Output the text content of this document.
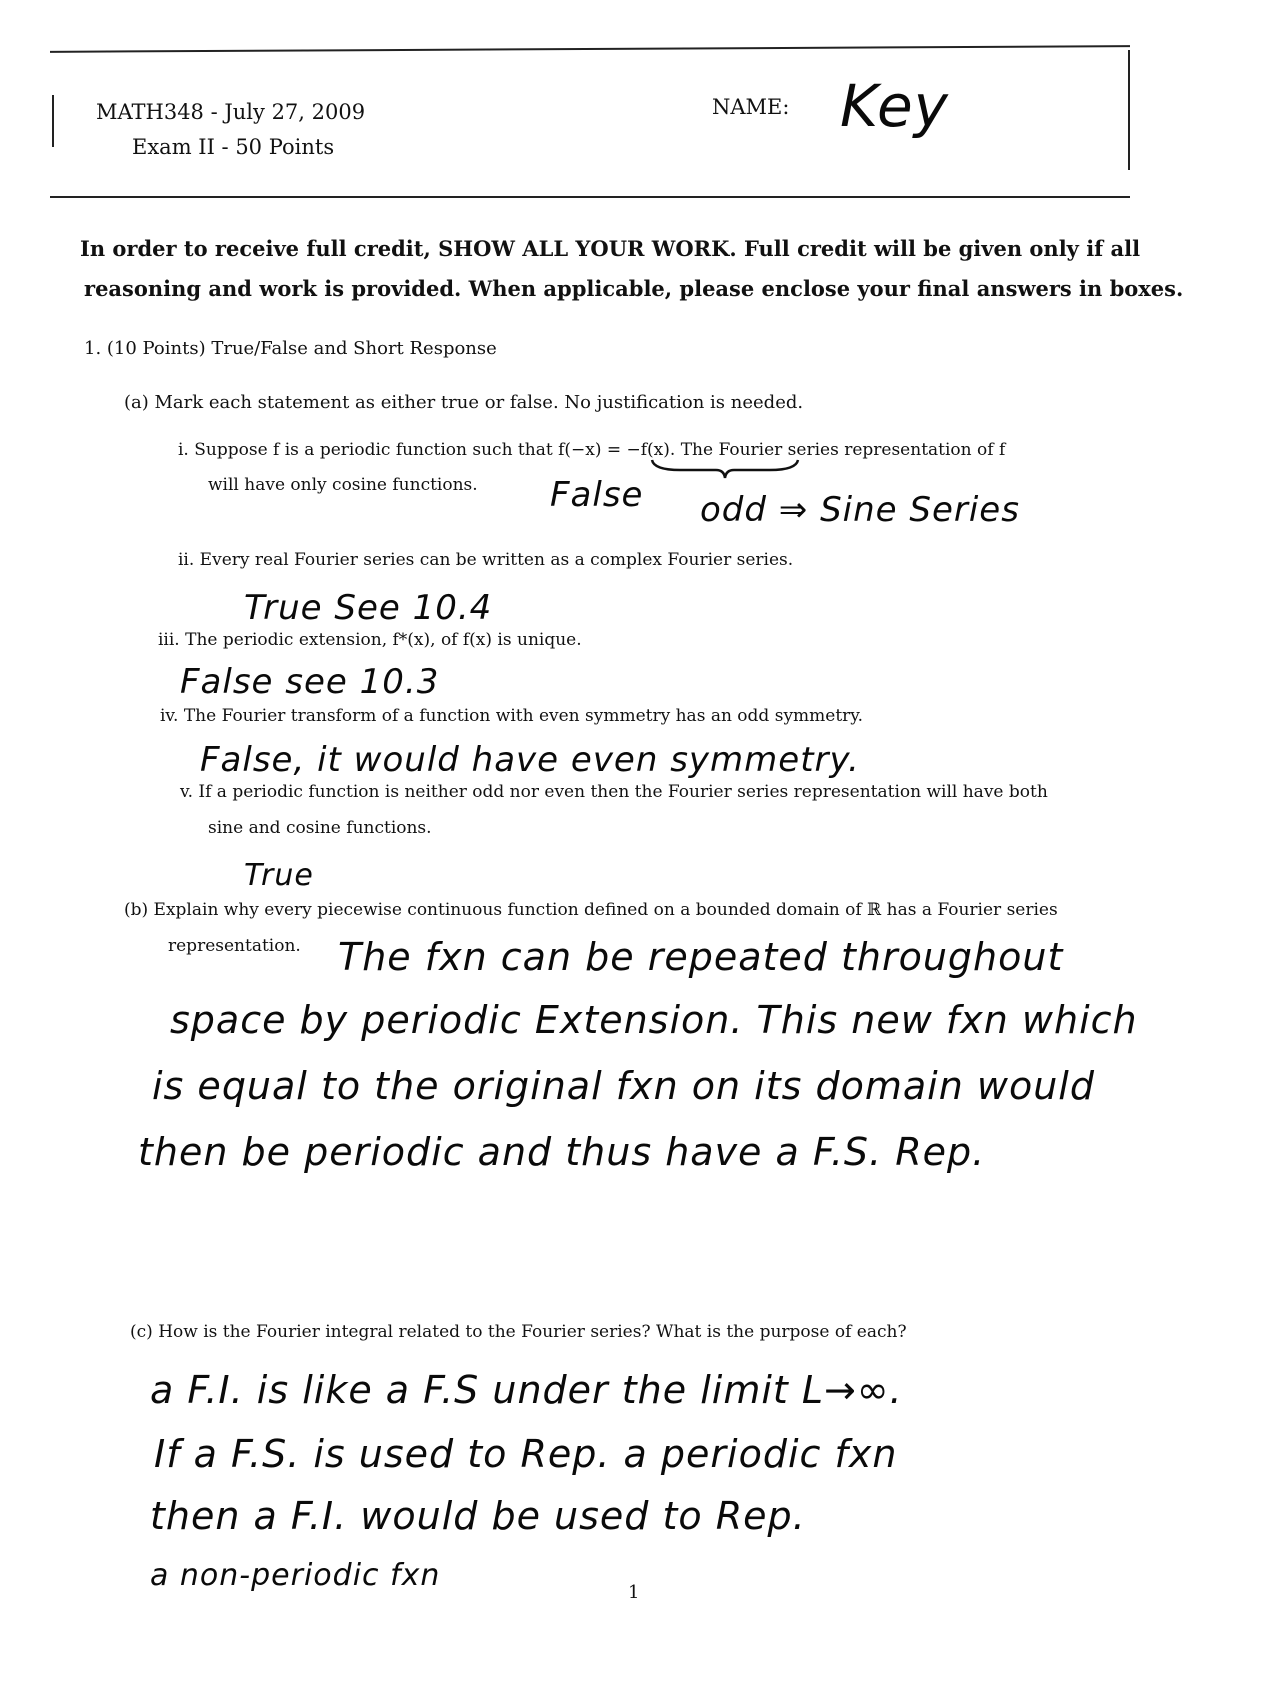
MATH348 - July 27, 2009
Exam II - 50 Points
NAME: Key
In order to receive full credit, SHOW ALL YOUR WORK. Full credit will be given only if all
reasoning and work is provided. When applicable, please enclose your final answers in boxes.
1. (10 Points) True/False and Short Response
(a) Mark each statement as either true or false. No justification is needed.
i. Suppose f is a periodic function such that f(−x) = −f(x). The Fourier series representation of f
will have only cosine functions. False odd ⇒ Sine Series
ii. Every real Fourier series can be written as a complex Fourier series.
True See 10.4
iii. The periodic extension, f*(x), of f(x) is unique.
False see 10.3
iv. The Fourier transform of a function with even symmetry has an odd symmetry.
False, it would have even symmetry.
v. If a periodic function is neither odd nor even then the Fourier series representation will have both
sine and cosine functions.
True
(b) Explain why every piecewise continuous function defined on a bounded domain of ℝ has a Fourier series
representation. The fxn can be repeated throughout
space by periodic Extension. This new fxn which
is equal to the original fxn on its domain would
then be periodic and thus have a F.S. Rep.
(c) How is the Fourier integral related to the Fourier series? What is the purpose of each?
a F.I. is like a F.S under the limit L→∞.
If a F.S. is used to Rep. a periodic fxn
then a F.I. would be used to Rep.
a non-periodic fxn	1
